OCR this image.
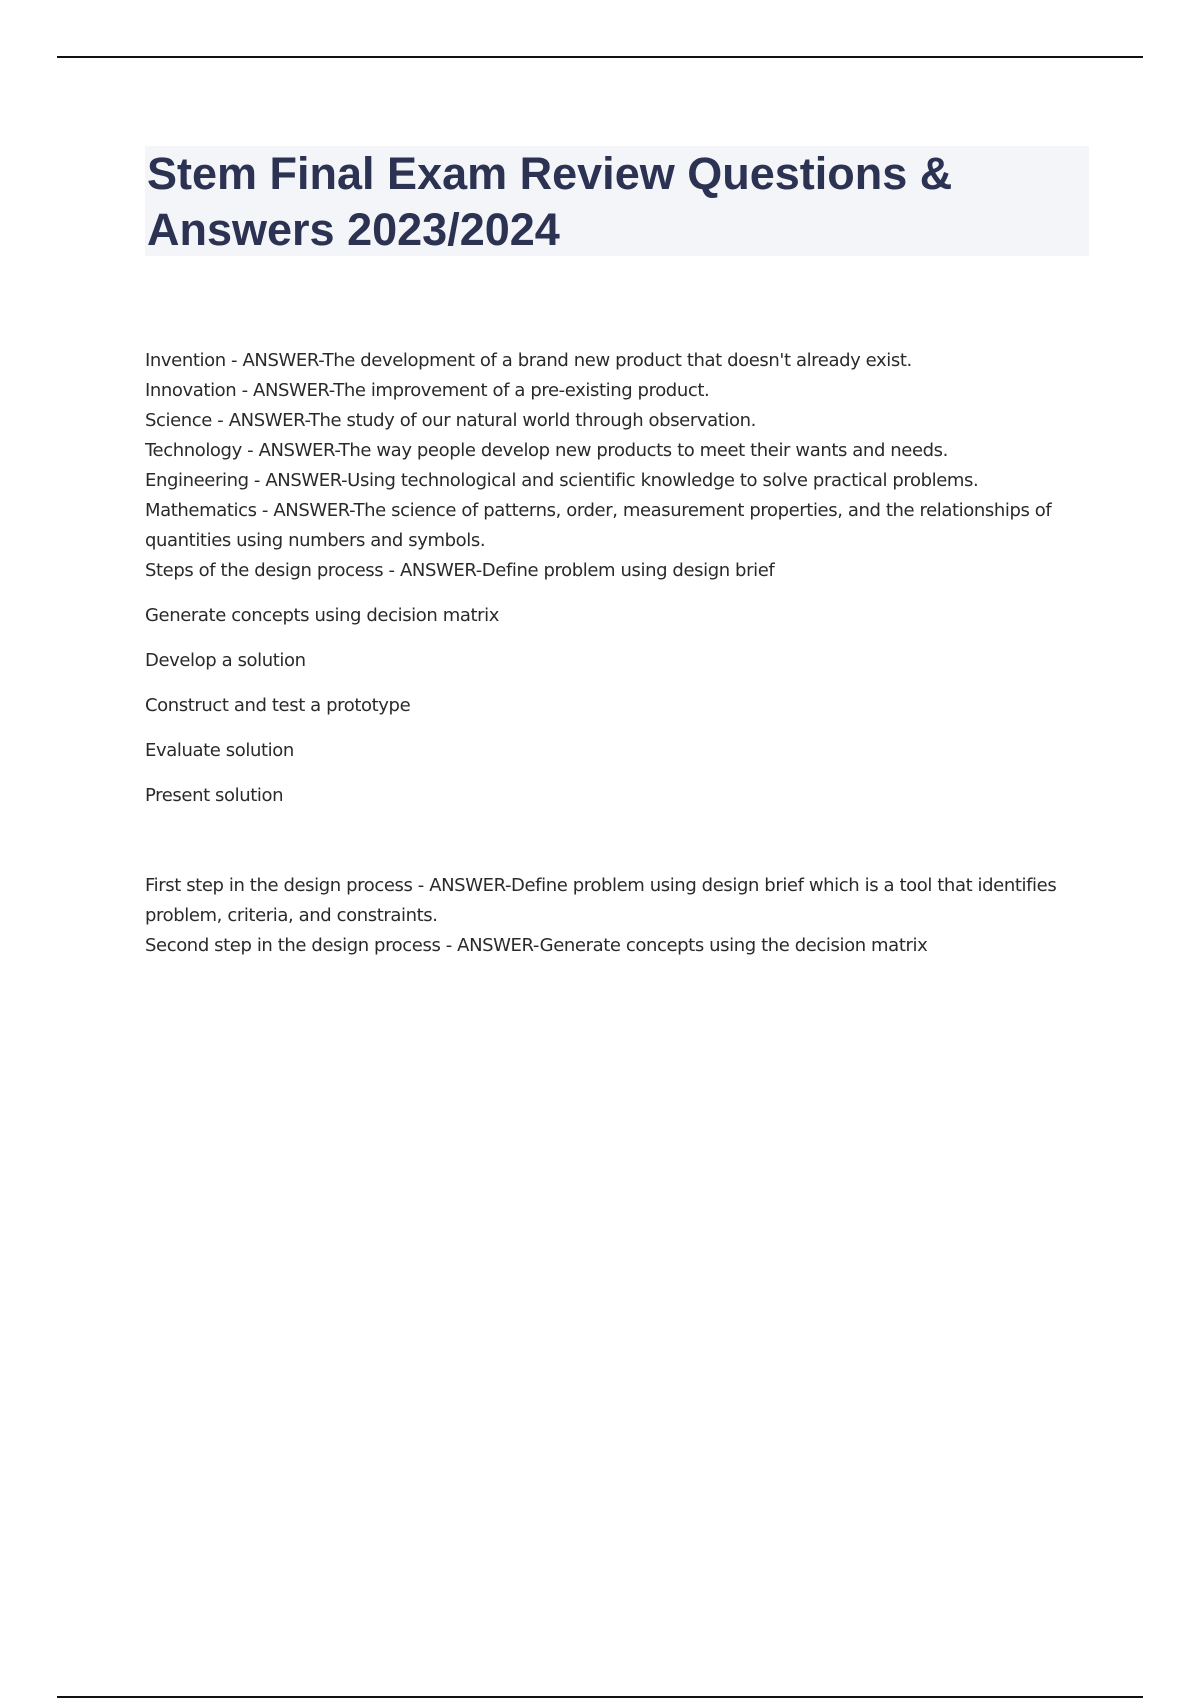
Stem Final Exam Review Questions & Answers 2023/2024

Invention - ANSWER-The development of a brand new product that doesn't already exist.

Innovation - ANSWER-The improvement of a pre-existing product.

Science - ANSWER-The study of our natural world through observation.

Technology - ANSWER-The way people develop new products to meet their wants and needs.

Engineering - ANSWER-Using technological and scientific knowledge to solve practical problems.

Mathematics - ANSWER-The science of patterns, order, measurement properties, and the relationships of quantities using numbers and symbols.

Steps of the design process - ANSWER-Define problem using design brief

Generate concepts using decision matrix

Develop a solution

Construct and test a prototype

Evaluate solution

Present solution

First step in the design process - ANSWER-Define problem using design brief which is a tool that identifies problem, criteria, and constraints.

Second step in the design process - ANSWER-Generate concepts using the decision matrix
